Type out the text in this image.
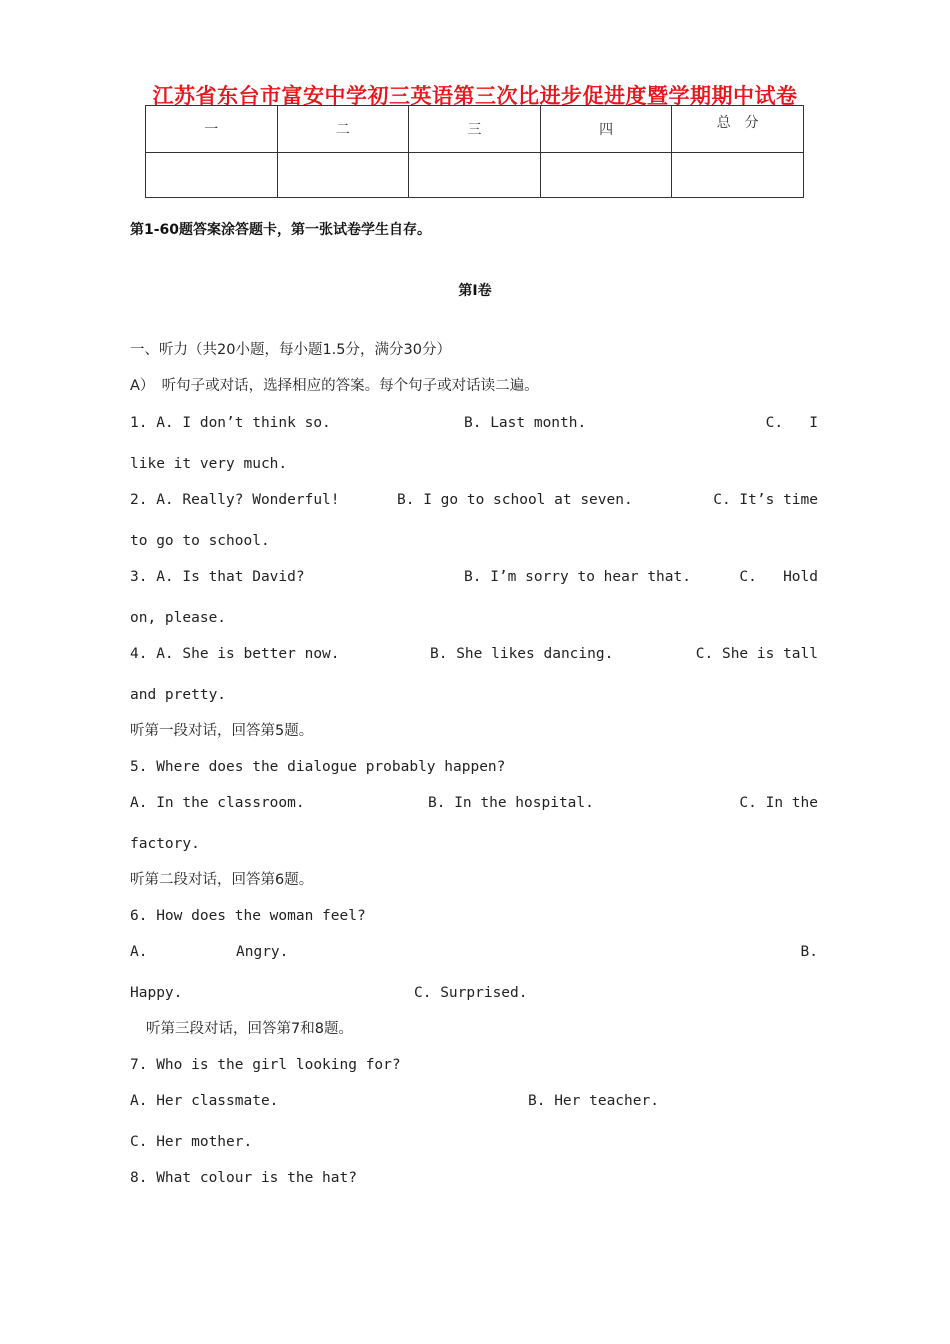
江苏省东台市富安中学初三英语第三次比进步促进度暨学期期中试卷
一	二	三	四	总　分

第1-60题答案涂答题卡，第一张试卷学生自存。

第Ⅰ卷

一、听力（共20小题，每小题1.5分，满分30分）

A）　听句子或对话，选择相应的答案。每个句子或对话读二遍。

1. A. I don’t think so.	B. Last month.	C.   I

like it very much.

2. A. Really? Wonderful!	B. I go to school at seven.	C. It’s time

to go to school.

3. A. Is that David?	B. I’m sorry to hear that.	C.   Hold

on, please.

4. A. She is better now.	B. She likes dancing.	C. She is tall

and pretty.

听第一段对话，回答第5题。

5. Where does the dialogue probably happen?

A. In the classroom.	B. In the hospital.	C. In the

factory.

听第二段对话，回答第6题。

6. How does the woman feel?

A.	Angry.	B.
Happy.	C. Surprised.

听第三段对话，回答第7和8题。

7. Who is the girl looking for?

A. Her classmate.	B. Her teacher.

C. Her mother.

8. What colour is the hat?
